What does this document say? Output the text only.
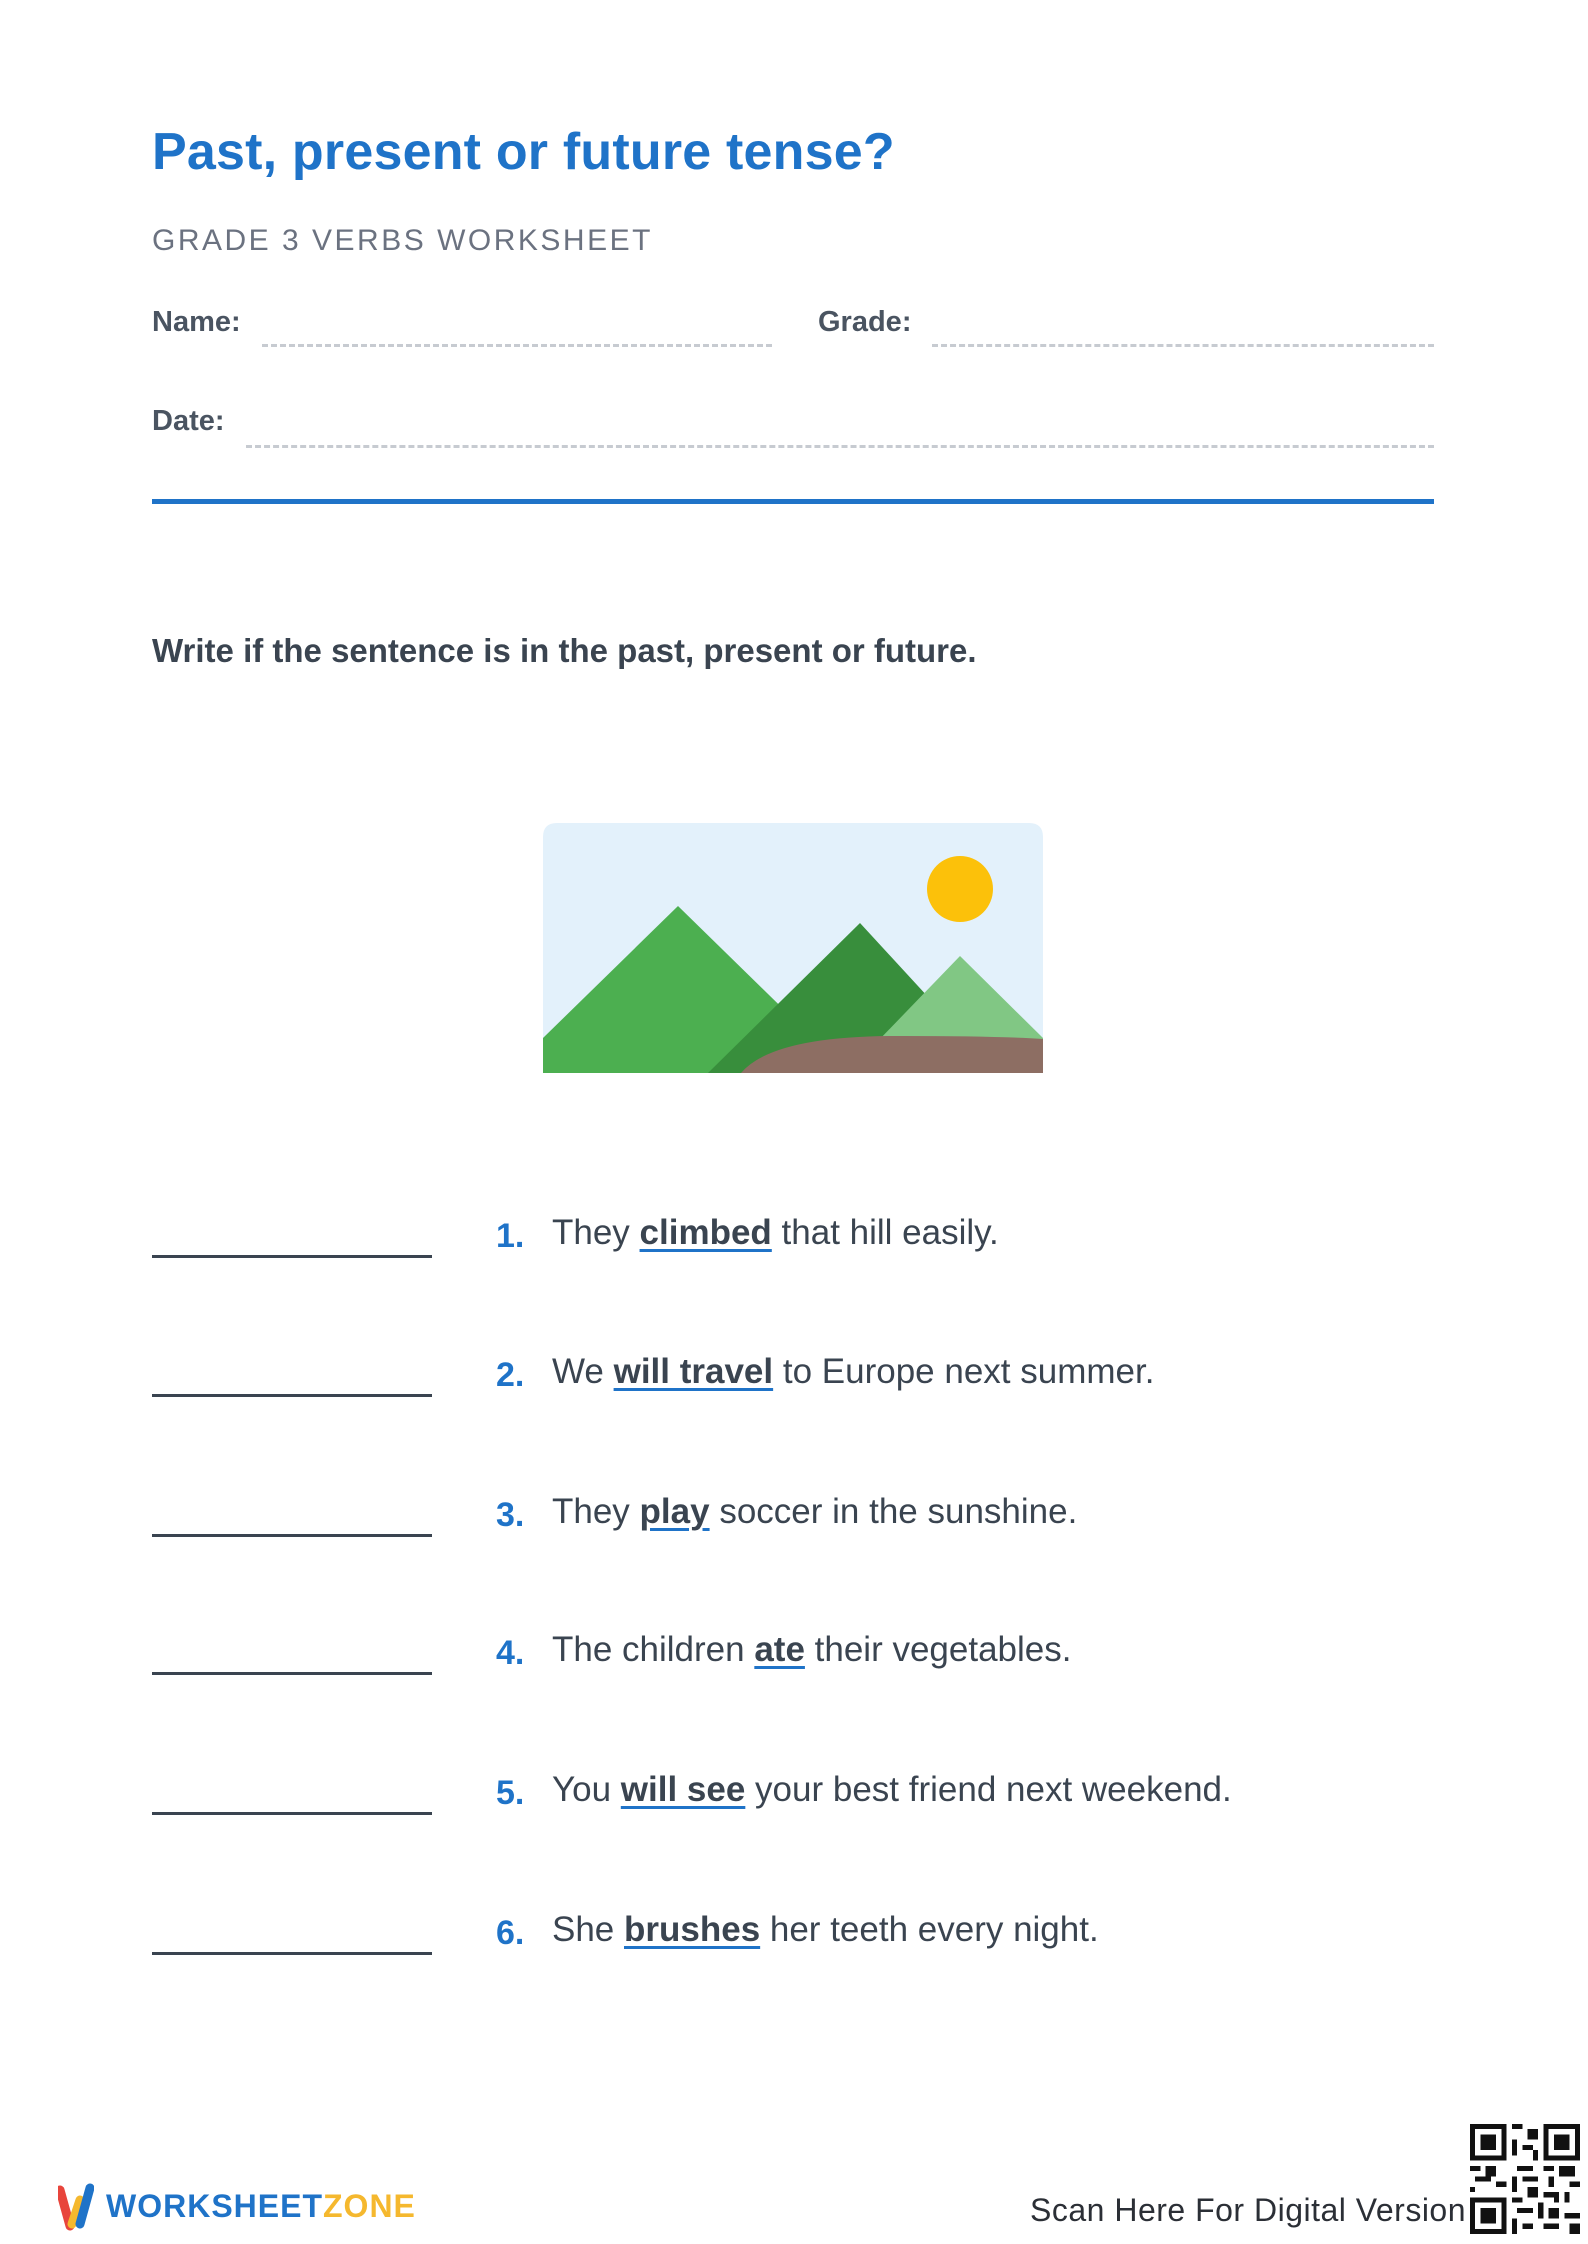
Past, present or future tense?
GRADE 3 VERBS WORKSHEET
Name:	Grade:
Date:
Write if the sentence is in the past, present or future.
1. They climbed that hill easily.
2. We will travel to Europe next summer.
3. They play soccer in the sunshine.
4. The children ate their vegetables.
5. You will see your best friend next weekend.
6. She brushes her teeth every night.
WORKSHEETZONE	Scan Here For Digital Version
